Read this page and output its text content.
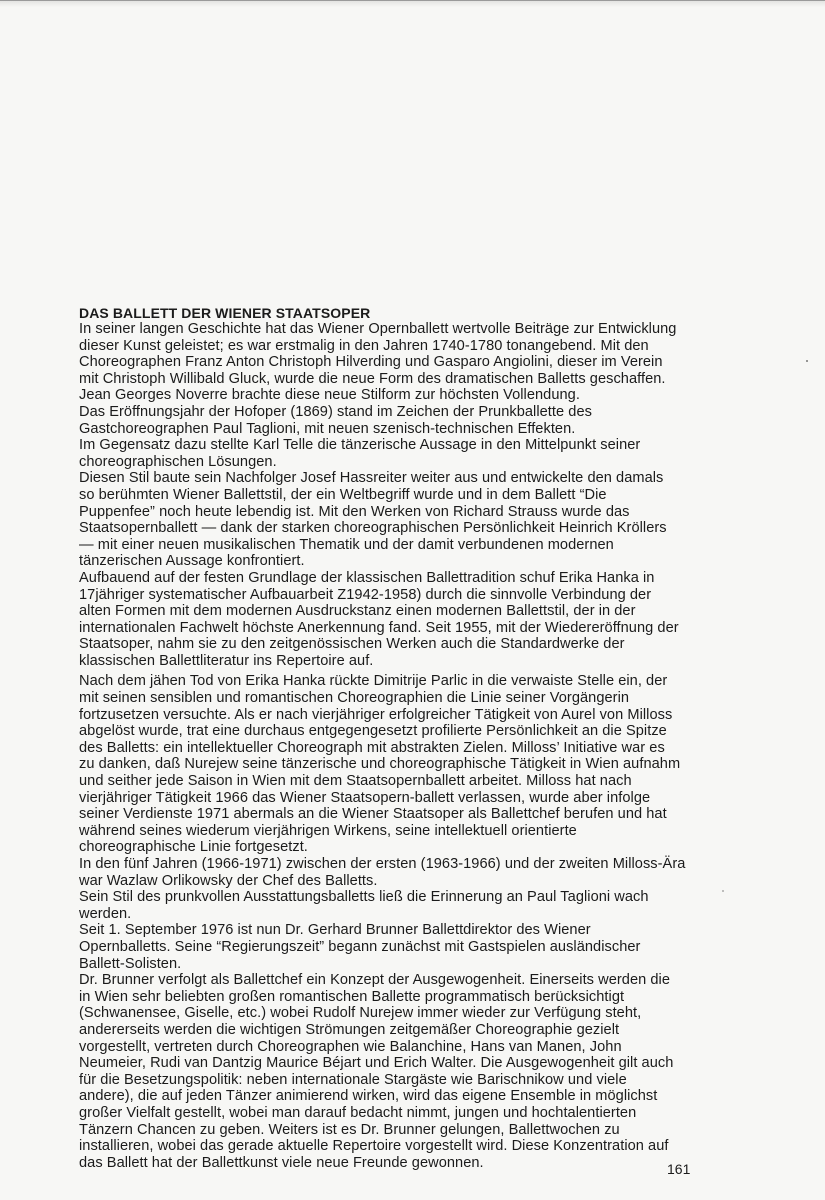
DAS BALLETT DER WIENER STAATSOPER
In seiner langen Geschichte hat das Wiener Opernballett wertvolle Beiträge zur Entwicklung
dieser Kunst geleistet; es war erstmalig in den Jahren 1740-1780 tonangebend. Mit den
Choreographen Franz Anton Christoph Hilverding und Gasparo Angiolini, dieser im Verein
mit Christoph Willibald Gluck, wurde die neue Form des dramatischen Balletts geschaffen.
Jean Georges Noverre brachte diese neue Stilform zur höchsten Vollendung.
Das Eröffnungsjahr der Hofoper (1869) stand im Zeichen der Prunkballette des
Gastchoreographen Paul Taglioni, mit neuen szenisch-technischen Effekten.
Im Gegensatz dazu stellte Karl Telle die tänzerische Aussage in den Mittelpunkt seiner
choreographischen Lösungen.
Diesen Stil baute sein Nachfolger Josef Hassreiter weiter aus und entwickelte den damals
so berühmten Wiener Ballettstil, der ein Weltbegriff wurde und in dem Ballett “Die
Puppenfee” noch heute lebendig ist. Mit den Werken von Richard Strauss wurde das
Staatsopernballett — dank der starken choreographischen Persönlichkeit Heinrich Kröllers
— mit einer neuen musikalischen Thematik und der damit verbundenen modernen
tänzerischen Aussage konfrontiert.
Aufbauend auf der festen Grundlage der klassischen Ballettradition schuf Erika Hanka in
17jähriger systematischer Aufbauarbeit Z1942-1958) durch die sinnvolle Verbindung der
alten Formen mit dem modernen Ausdruckstanz einen modernen Ballettstil, der in der
internationalen Fachwelt höchste Anerkennung fand. Seit 1955, mit der Wiedereröffnung der
Staatsoper, nahm sie zu den zeitgenössischen Werken auch die Standardwerke der
klassischen Ballettliteratur ins Repertoire auf.
Nach dem jähen Tod von Erika Hanka rückte Dimitrije Parlic in die verwaiste Stelle ein, der
mit seinen sensiblen und romantischen Choreographien die Linie seiner Vorgängerin
fortzusetzen versuchte. Als er nach vierjähriger erfolgreicher Tätigkeit von Aurel von Milloss
abgelöst wurde, trat eine durchaus entgegengesetzt profilierte Persönlichkeit an die Spitze
des Balletts: ein intellektueller Choreograph mit abstrakten Zielen. Milloss’ Initiative war es
zu danken, daß Nurejew seine tänzerische und choreographische Tätigkeit in Wien aufnahm
und seither jede Saison in Wien mit dem Staatsopernballett arbeitet. Milloss hat nach
vierjähriger Tätigkeit 1966 das Wiener Staatsopern-ballett verlassen, wurde aber infolge
seiner Verdienste 1971 abermals an die Wiener Staatsoper als Ballettchef berufen und hat
während seines wiederum vierjährigen Wirkens, seine intellektuell orientierte
choreographische Linie fortgesetzt.
In den fünf Jahren (1966-1971) zwischen der ersten (1963-1966) und der zweiten Milloss-Ära
war Wazlaw Orlikowsky der Chef des Balletts.
Sein Stil des prunkvollen Ausstattungsballetts ließ die Erinnerung an Paul Taglioni wach
werden.
Seit 1. September 1976 ist nun Dr. Gerhard Brunner Ballettdirektor des Wiener
Opernballetts. Seine “Regierungszeit” begann zunächst mit Gastspielen ausländischer
Ballett-Solisten.
Dr. Brunner verfolgt als Ballettchef ein Konzept der Ausgewogenheit. Einerseits werden die
in Wien sehr beliebten großen romantischen Ballette programmatisch berücksichtigt
(Schwanensee, Giselle, etc.) wobei Rudolf Nurejew immer wieder zur Verfügung steht,
andererseits werden die wichtigen Strömungen zeitgemäßer Choreographie gezielt
vorgestellt, vertreten durch Choreographen wie Balanchine, Hans van Manen, John
Neumeier, Rudi van Dantzig Maurice Béjart und Erich Walter. Die Ausgewogenheit gilt auch
für die Besetzungspolitik: neben internationale Stargäste wie Barischnikow und viele
andere), die auf jeden Tänzer animierend wirken, wird das eigene Ensemble in möglichst
großer Vielfalt gestellt, wobei man darauf bedacht nimmt, jungen und hochtalentierten
Tänzern Chancen zu geben. Weiters ist es Dr. Brunner gelungen, Ballettwochen zu
installieren, wobei das gerade aktuelle Repertoire vorgestellt wird. Diese Konzentration auf
das Ballett hat der Ballettkunst viele neue Freunde gewonnen.	161
